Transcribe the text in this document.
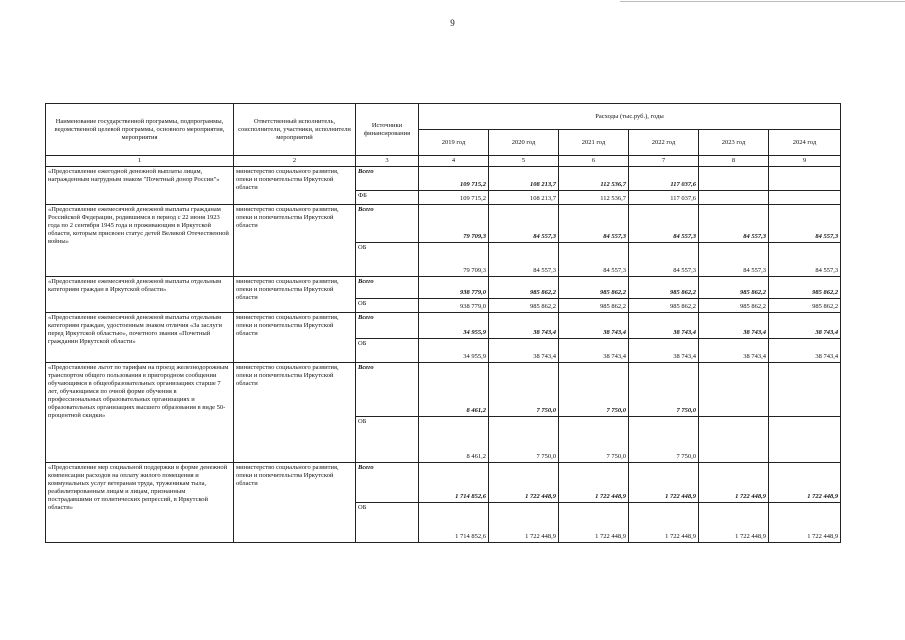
9
Наименование государственной программы, подпрограммы, ведомственной целевой программы, основного мероприятия, мероприятия	Ответственный исполнитель, соисполнители, участники, исполнители мероприятий	Источники финансирования	Расходы (тыс.руб.), годы					
			2019 год	2020 год	2021 год	2022 год	2023 год	2024 год
1	2	3	4	5	6	7	8	9
«Предоставление ежегодной денежной выплаты лицам, награжденным нагрудным знаком "Почетный донор России"»	министерство социального развития, опеки и попечительства Иркутской области	Всего	109 715,2	108 213,7	112 536,7	117 037,6		
		ФБ	109 715,2	108 213,7	112 536,7	117 037,6		
«Предоставление ежемесячной денежной выплаты гражданам Российской Федерации, родившимся в период с 22 июня 1923 года по 2 сентября 1945 года и проживающим в Иркутской области, которым присвоен статус детей Великой Отечественной войны»	министерство социального развития, опеки и попечительства Иркутской области	Всего	79 709,3	84 557,3	84 557,3	84 557,3	84 557,3	84 557,3
		ОБ	79 709,3	84 557,3	84 557,3	84 557,3	84 557,3	84 557,3
«Предоставление ежемесячной денежной выплаты отдельным категориям граждан в Иркутской области»	министерство социального развития, опеки и попечительства Иркутской области	Всего	938 779,0	985 862,2	985 862,2	985 862,2	985 862,2	985 862,2
		ОБ	938 779,0	985 862,2	985 862,2	985 862,2	985 862,2	985 862,2
«Предоставление ежемесячной денежной выплаты отдельным категориям граждан, удостоенным знаком отличия «За заслуги перед Иркутской областью», почетного звания «Почетный гражданин Иркутской области»	министерство социального развития, опеки и попечительства Иркутской области	Всего	34 955,9	38 743,4	38 743,4	38 743,4	38 743,4	38 743,4
		ОБ	34 955,9	38 743,4	38 743,4	38 743,4	38 743,4	38 743,4
«Предоставление льгот по тарифам на проезд железнодорожным транспортом общего пользования в пригородном сообщении обучающимся в общеобразовательных организациях старше 7 лет, обучающимся по очной форме обучения в профессиональных образовательных организациях и образовательных организациях высшего образования в виде 50-процентной скидки»	министерство социального развития, опеки и попечительства Иркутской области	Всего	8 461,2	7 750,0	7 750,0	7 750,0		
		ОБ	8 461,2	7 750,0	7 750,0	7 750,0		
«Предоставление мер социальной поддержки в форме денежной компенсации расходов на оплату жилого помещения и коммунальных услуг ветеранам труда, труженикам тыла, реабилитированным лицам и лицам, признанным пострадавшими от политических репрессий, в Иркутской области»	министерство социального развития, опеки и попечительства Иркутской области	Всего	1 714 852,6	1 722 448,9	1 722 448,9	1 722 448,9	1 722 448,9	1 722 448,9
		ОБ	1 714 852,6	1 722 448,9	1 722 448,9	1 722 448,9	1 722 448,9	1 722 448,9
